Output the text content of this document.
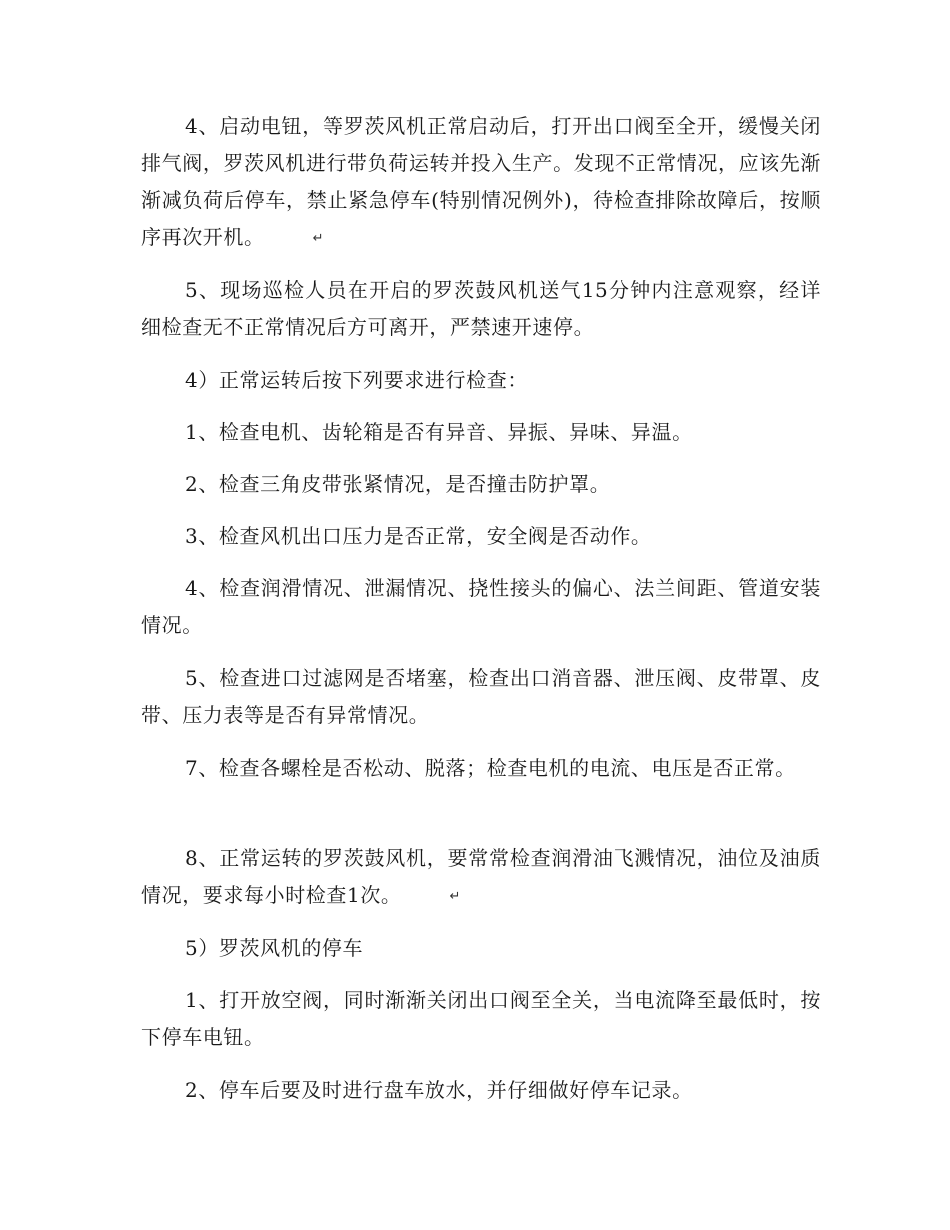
4、启动电钮，等罗茨风机正常启动后，打开出口阀至全开，缓慢关闭排气阀，罗茨风机进行带负荷运转并投入生产。发现不正常情况，应该先渐渐减负荷后停车，禁止紧急停车(特别情况例外)，待检查排除故障后，按顺序再次开机。	↵

5、现场巡检人员在开启的罗茨鼓风机送气15分钟内注意观察，经详细检查无不正常情况后方可离开，严禁速开速停。

4）正常运转后按下列要求进行检查：

1、检查电机、齿轮箱是否有异音、异振、异味、异温。

2、检查三角皮带张紧情况，是否撞击防护罩。

3、检查风机出口压力是否正常，安全阀是否动作。

4、检查润滑情况、泄漏情况、挠性接头的偏心、法兰间距、管道安装情况。

5、检查进口过滤网是否堵塞，检查出口消音器、泄压阀、皮带罩、皮带、压力表等是否有异常情况。

7、检查各螺栓是否松动、脱落；检查电机的电流、电压是否正常。

8、正常运转的罗茨鼓风机，要常常检查润滑油飞溅情况，油位及油质情况，要求每小时检查1次。	↵

5）罗茨风机的停车

1、打开放空阀，同时渐渐关闭出口阀至全关，当电流降至最低时，按下停车电钮。

2、停车后要及时进行盘车放水，并仔细做好停车记录。
